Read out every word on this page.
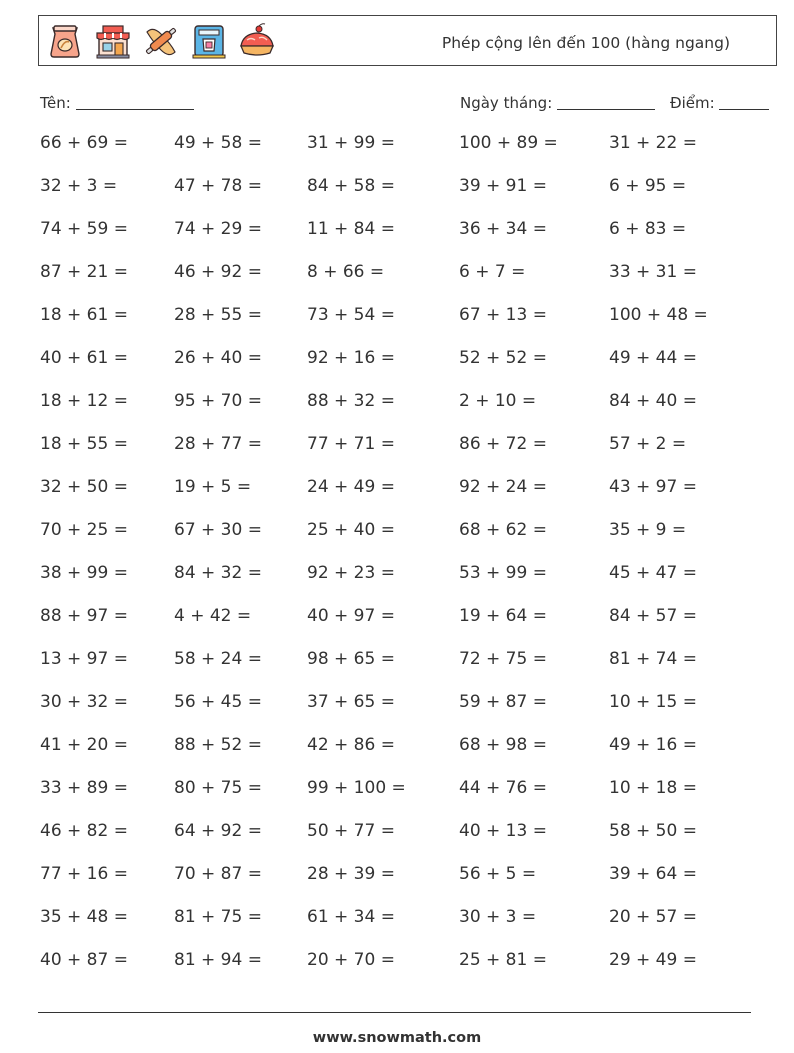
Phép cộng lên đến 100 (hàng ngang)
Tên:	Ngày tháng:	Điểm:
66 + 69 =	49 + 58 =	31 + 99 =	100 + 89 =	31 + 22 =
32 + 3 =	47 + 78 =	84 + 58 =	39 + 91 =	6 + 95 =
74 + 59 =	74 + 29 =	11 + 84 =	36 + 34 =	6 + 83 =
87 + 21 =	46 + 92 =	8 + 66 =	6 + 7 =	33 + 31 =
18 + 61 =	28 + 55 =	73 + 54 =	67 + 13 =	100 + 48 =
40 + 61 =	26 + 40 =	92 + 16 =	52 + 52 =	49 + 44 =
18 + 12 =	95 + 70 =	88 + 32 =	2 + 10 =	84 + 40 =
18 + 55 =	28 + 77 =	77 + 71 =	86 + 72 =	57 + 2 =
32 + 50 =	19 + 5 =	24 + 49 =	92 + 24 =	43 + 97 =
70 + 25 =	67 + 30 =	25 + 40 =	68 + 62 =	35 + 9 =
38 + 99 =	84 + 32 =	92 + 23 =	53 + 99 =	45 + 47 =
88 + 97 =	4 + 42 =	40 + 97 =	19 + 64 =	84 + 57 =
13 + 97 =	58 + 24 =	98 + 65 =	72 + 75 =	81 + 74 =
30 + 32 =	56 + 45 =	37 + 65 =	59 + 87 =	10 + 15 =
41 + 20 =	88 + 52 =	42 + 86 =	68 + 98 =	49 + 16 =
33 + 89 =	80 + 75 =	99 + 100 =	44 + 76 =	10 + 18 =
46 + 82 =	64 + 92 =	50 + 77 =	40 + 13 =	58 + 50 =
77 + 16 =	70 + 87 =	28 + 39 =	56 + 5 =	39 + 64 =
35 + 48 =	81 + 75 =	61 + 34 =	30 + 3 =	20 + 57 =
40 + 87 =	81 + 94 =	20 + 70 =	25 + 81 =	29 + 49 =
www.snowmath.com
